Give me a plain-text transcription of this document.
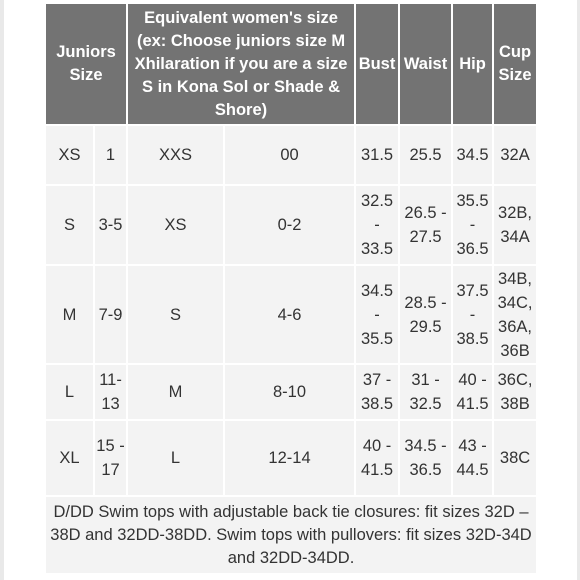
Juniors Size		Equivalent women's size (ex: Choose juniors size M Xhilaration if you are a size S in Kona Sol or Shade & Shore)		Bust	Waist	Hip	Cup Size
XS	1	XXS	00	31.5	25.5	34.5	32A
S	3-5	XS	0-2	32.5 - 33.5	26.5 - 27.5	35.5 - 36.5	32B, 34A
M	7-9	S	4-6	34.5 - 35.5	28.5 - 29.5	37.5 - 38.5	34B, 34C, 36A, 36B
L	11-13	M	8-10	37 - 38.5	31 - 32.5	40 - 41.5	36C, 38B
XL	15 - 17	L	12-14	40 - 41.5	34.5 - 36.5	43 - 44.5	38C
D/DD Swim tops with adjustable back tie closures: fit sizes 32D – 38D and 32DD-38DD. Swim tops with pullovers: fit sizes 32D-34D and 32DD-34DD.							
